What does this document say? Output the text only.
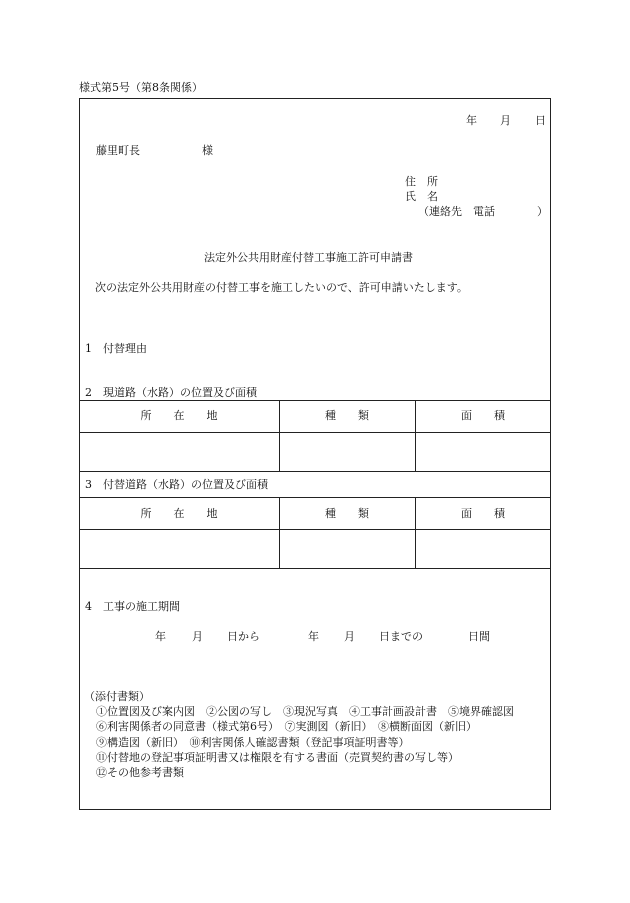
様式第5号（第8条関係）
年 月 日
藤里町長	様
住　所
氏　名
（連絡先　電話	）
法定外公共用財産付替工事施工許可申請書
次の法定外公共用財産の付替工事を施工したいので、許可申請いたします。
1　付替理由
2　現道路（水路）の位置及び面積
所　　在　　地	種　　類	面　　積
3　付替道路（水路）の位置及び面積
所　　在　　地	種　　類	面　　積
4　工事の施工期間
年 月 日から	年 月 日までの	日間
（添付書類）
①位置図及び案内図　②公図の写し　③現況写真　④工事計画設計書　⑤境界確認図
⑥利害関係者の同意書（様式第6号）　⑦実測図（新旧）　⑧横断面図（新旧）
⑨構造図（新旧）　⑩利害関係人確認書類（登記事項証明書等）
⑪付替地の登記事項証明書又は権限を有する書面（売買契約書の写し等）
⑫その他参考書類
